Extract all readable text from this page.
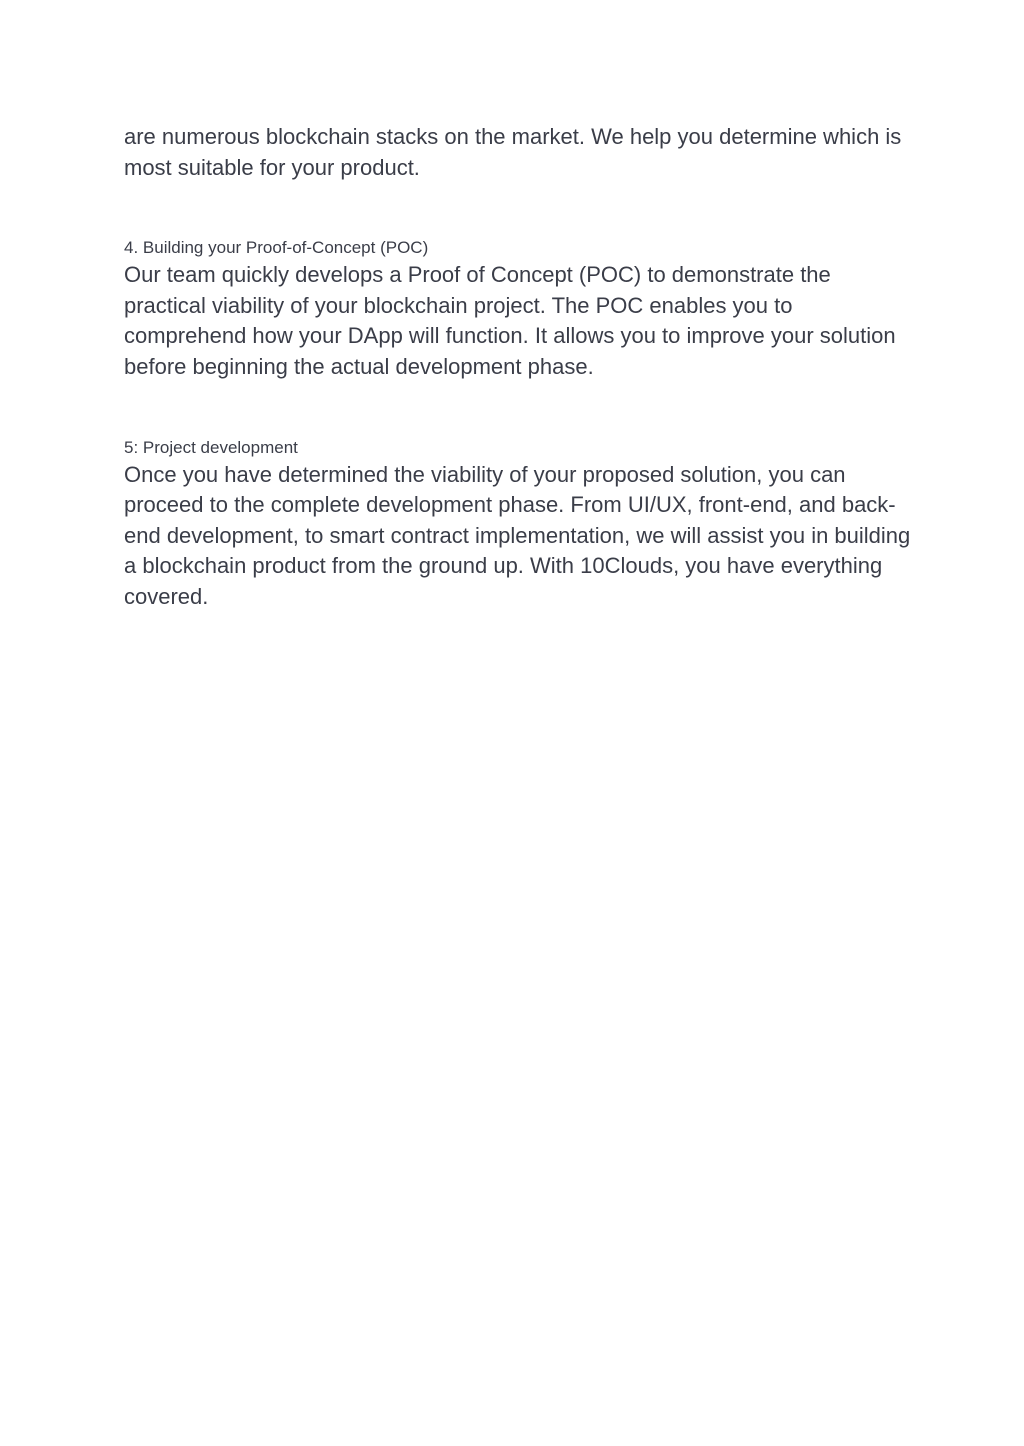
are numerous blockchain stacks on the market. We help you determine which is most suitable for your product.

4. Building your Proof-of-Concept (POC)

Our team quickly develops a Proof of Concept (POC) to demonstrate the practical viability of your blockchain project. The POC enables you to comprehend how your DApp will function. It allows you to improve your solution before beginning the actual development phase.

5: Project development

Once you have determined the viability of your proposed solution, you can proceed to the complete development phase. From UI/UX, front-end, and back-end development, to smart contract implementation, we will assist you in building a blockchain product from the ground up. With 10Clouds, you have everything covered.
